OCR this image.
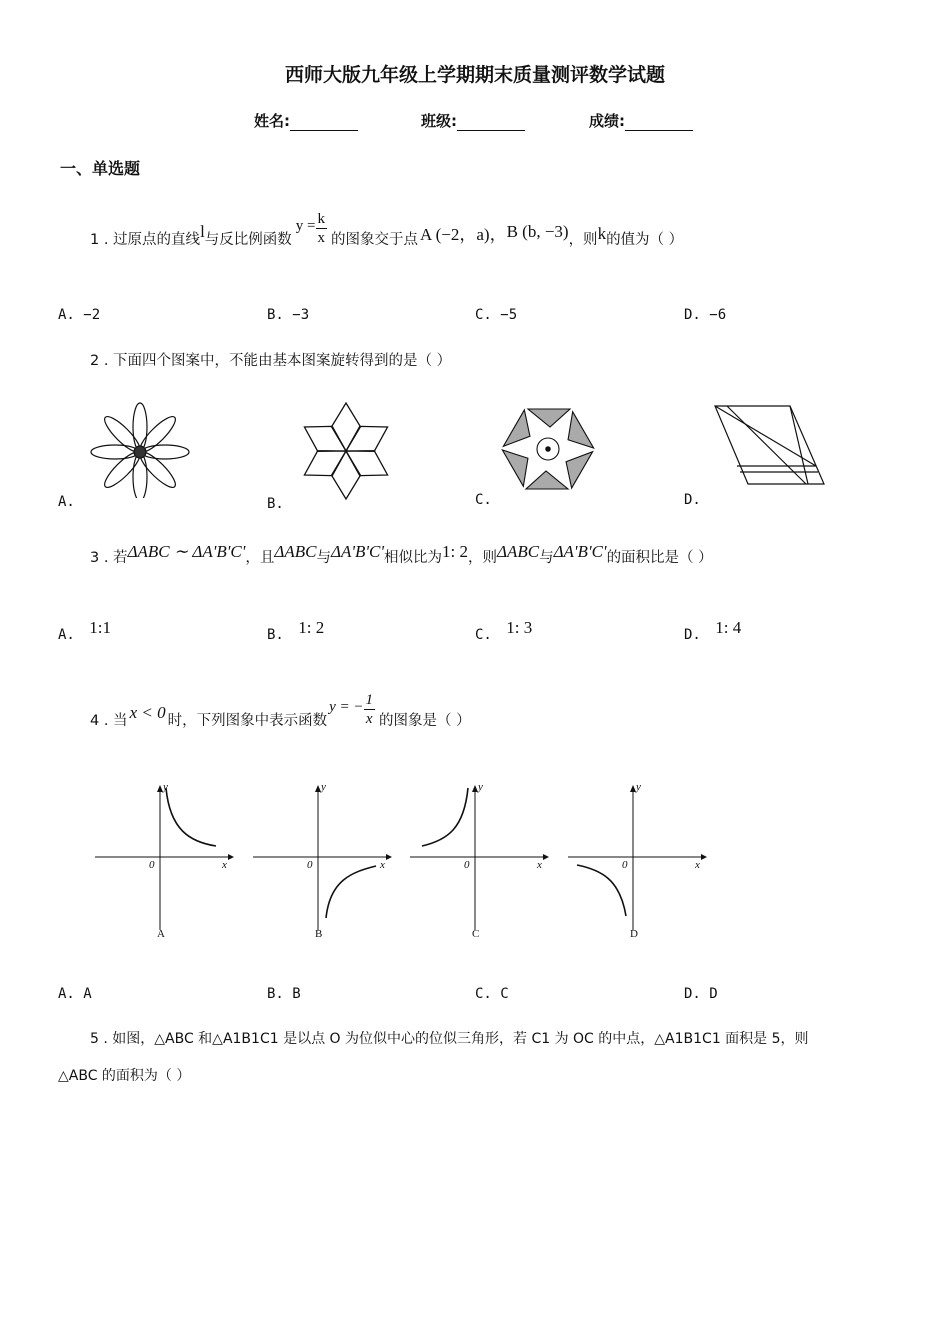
西师大版九年级上学期期末质量测评数学试题
姓名:	班级:	成绩:
一、单选题
1 . 过原点的直线 l 与反比例函数
$y = \frac{k}{x}$ 的图象交于点 A (−2，a) ， B (b, −3) ，则 k 的值为（ ）
A. −2	B. −3	C. −5	D. −6
2 . 下面四个图案中，不能由基本图案旋转得到的是（ ）
A.	B.	C.	D.
3 . 若 ΔABC ∼ ΔA'B'C' ，且 ΔABC 与 ΔA'B'C' 相似比为 1: 2 ，则 ΔABC 与 ΔA'B'C' 的面积比是（ ）
A. 1:1	B. 1: 2	C. 1: 3	D. 1: 4
4 . 当 x < 0 时，下列图象中表示函数
y = − $\frac{1}{x}$ 的图象是（ ）
y
x
0
A
y
x
0
B
y
x
0
C
y
x
0
D
A. A	B. B	C. C	D. D
5 . 如图，△ABC 和△A1B1C1 是以点 O 为位似中心的位似三角形，若 C1 为 OC 的中点，△A1B1C1 面积是 5，则
△ABC 的面积为（ ）
